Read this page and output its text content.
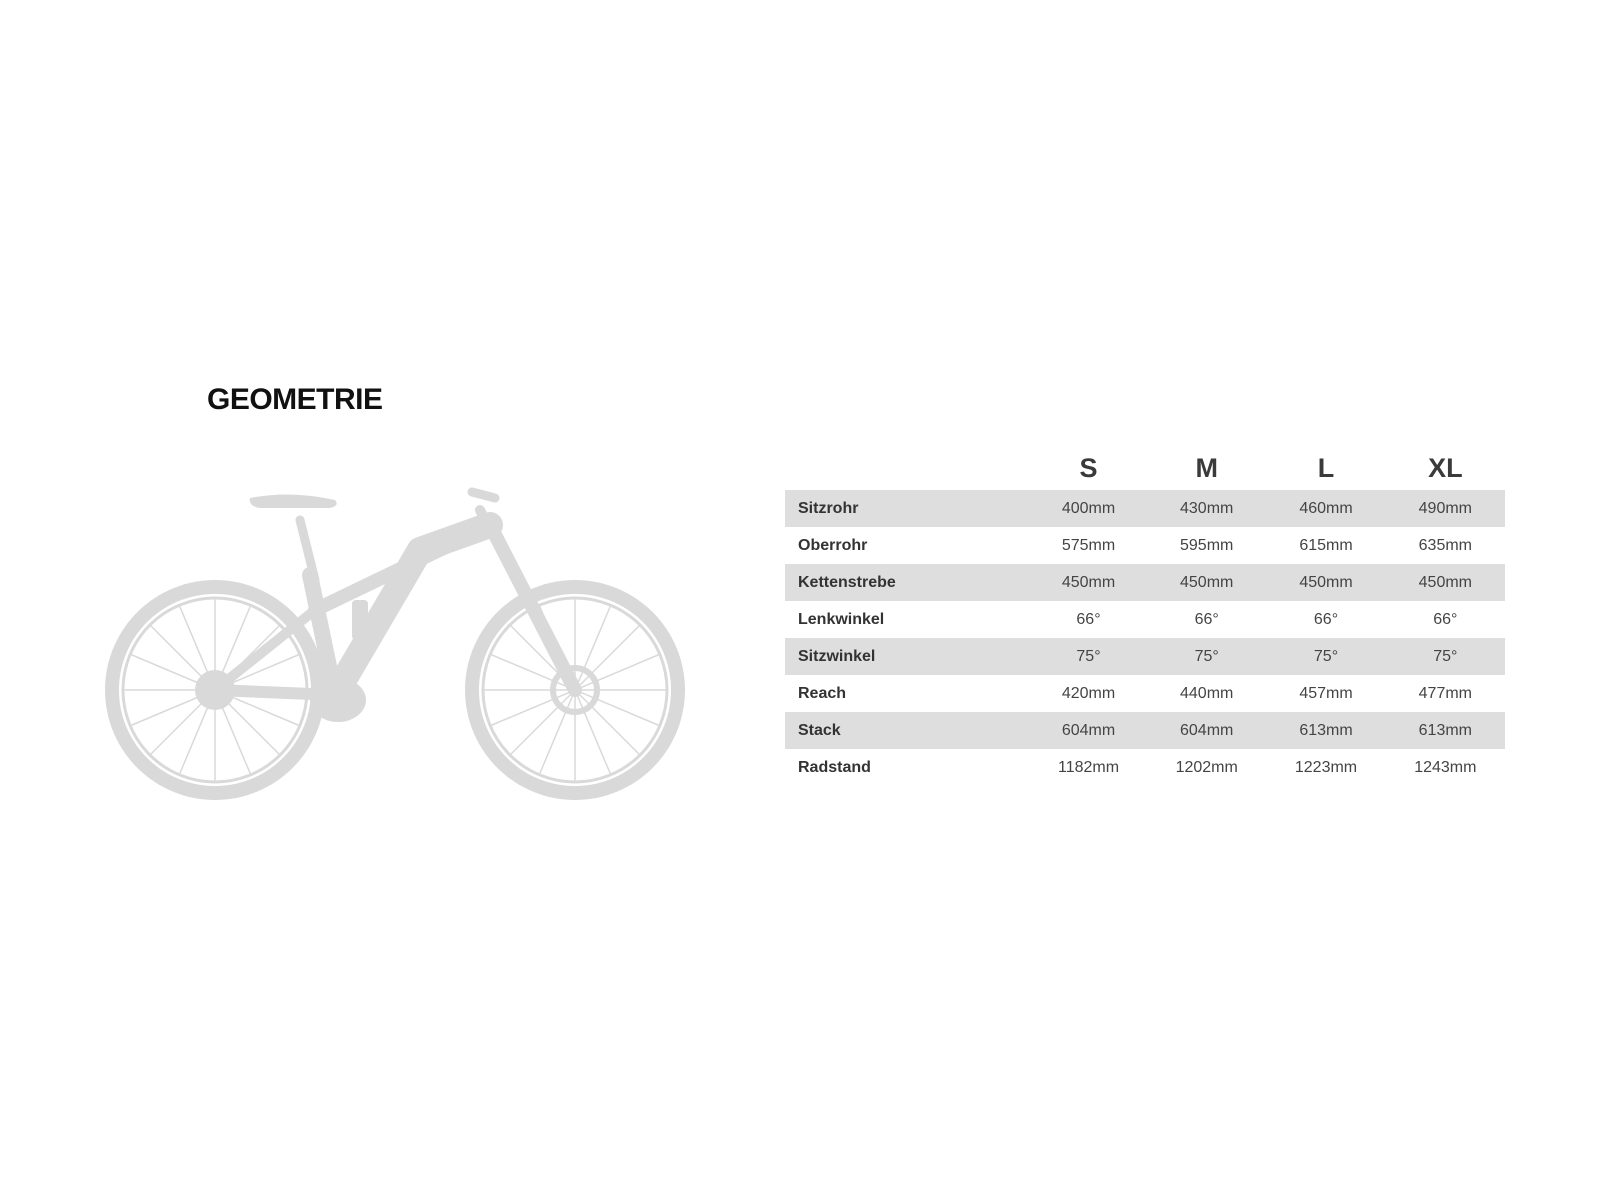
GEOMETRIE
	S	M	L	XL
Sitzrohr	400mm	430mm	460mm	490mm
Oberrohr	575mm	595mm	615mm	635mm
Kettenstrebe	450mm	450mm	450mm	450mm
Lenkwinkel	66°	66°	66°	66°
Sitzwinkel	75°	75°	75°	75°
Reach	420mm	440mm	457mm	477mm
Stack	604mm	604mm	613mm	613mm
Radstand	1182mm	1202mm	1223mm	1243mm
